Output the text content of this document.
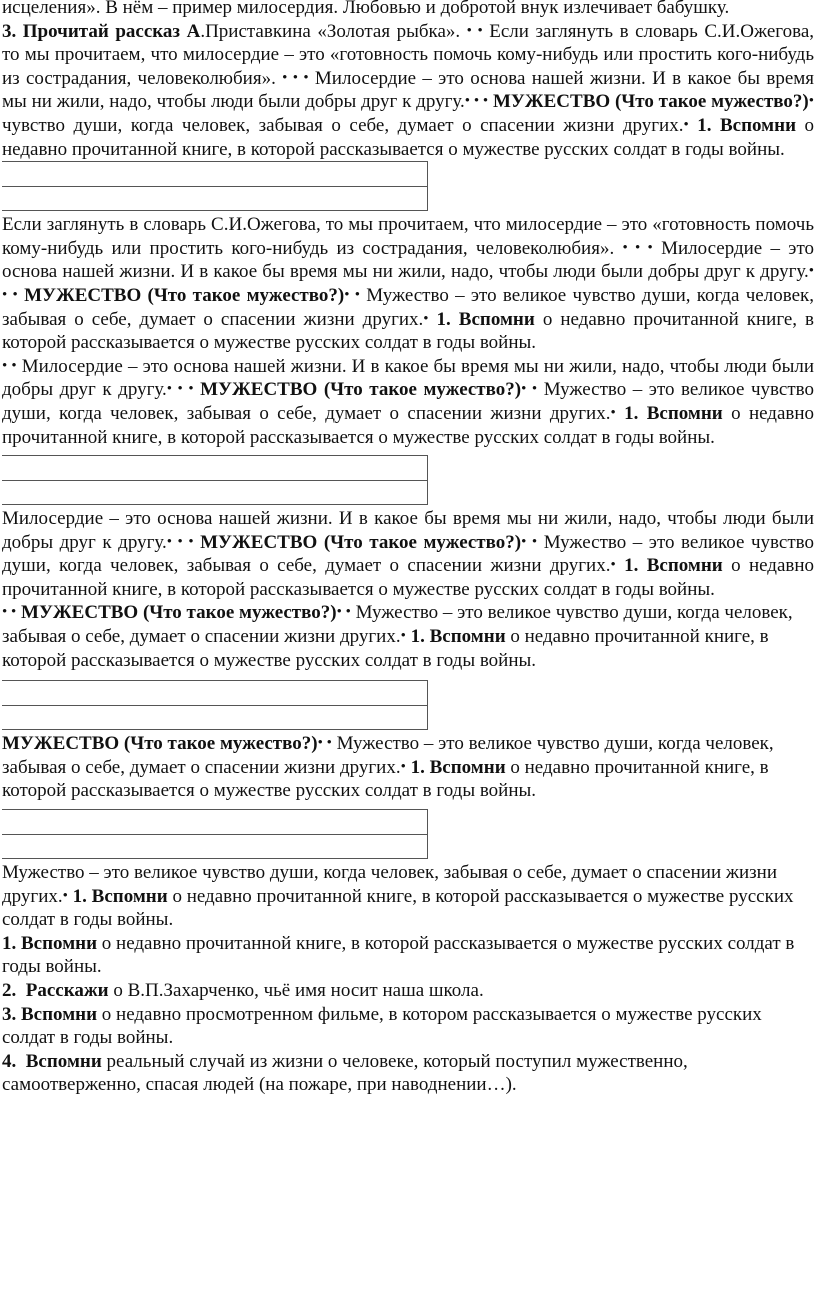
исцеления». В нём – пример милосердия. Любовью и добротой внук излечивает бабушку.
3. Прочитай рассказ А.Приставкина «Золотая рыбка». • • Если заглянуть в словарь С.И.Ожегова, то мы прочитаем, что милосердие – это «готовность помочь кому-нибудь или простить кого-нибудь из сострадания, человеколюбия». • • • Милосердие – это основа нашей жизни. И в какое бы время мы ни жили, надо, чтобы люди были добры друг к другу.• • • МУЖЕСТВО (Что такое мужество?)• чувство души, когда человек, забывая о себе, думает о спасении жизни других.• 1. Вспомни о недавно прочитанной книге, в которой рассказывается о мужестве русских солдат в годы войны.

Если заглянуть в словарь С.И.Ожегова, то мы прочитаем, что милосердие – это «готовность помочь кому-нибудь или простить кого-нибудь из сострадания, человеколюбия». • • • Милосердие – это основа нашей жизни. И в какое бы время мы ни жили, надо, чтобы люди были добры друг к другу.• • • МУЖЕСТВО (Что такое мужество?)• • Мужество – это великое чувство души, когда человек, забывая о себе, думает о спасении жизни других.• 1. Вспомни о недавно прочитанной книге, в которой рассказывается о мужестве русских солдат в годы войны.

• • Милосердие – это основа нашей жизни. И в какое бы время мы ни жили, надо, чтобы люди были добры друг к другу.• • • МУЖЕСТВО (Что такое мужество?)• • Мужество – это великое чувство души, когда человек, забывая о себе, думает о спасении жизни других.• 1. Вспомни о недавно прочитанной книге, в которой рассказывается о мужестве русских солдат в годы войны.

Милосердие – это основа нашей жизни. И в какое бы время мы ни жили, надо, чтобы люди были добры друг к другу.• • • МУЖЕСТВО (Что такое мужество?)• • Мужество – это великое чувство души, когда человек, забывая о себе, думает о спасении жизни других.• 1. Вспомни о недавно прочитанной книге, в которой рассказывается о мужестве русских солдат в годы войны.

• • МУЖЕСТВО (Что такое мужество?)• • Мужество – это великое чувство души, когда человек, забывая о себе, думает о спасении жизни других.• 1. Вспомни о недавно прочитанной книге, в которой рассказывается о мужестве русских солдат в годы войны.

МУЖЕСТВО (Что такое мужество?)• • Мужество – это великое чувство души, когда человек, забывая о себе, думает о спасении жизни других.• 1. Вспомни о недавно прочитанной книге, в которой рассказывается о мужестве русских солдат в годы войны.

Мужество – это великое чувство души, когда человек, забывая о себе, думает о спасении жизни других.• 1. Вспомни о недавно прочитанной книге, в которой рассказывается о мужестве русских солдат в годы войны.

1. Вспомни о недавно прочитанной книге, в которой рассказывается о мужестве русских солдат в годы войны.

2. Расскажи о В.П.Захарченко, чьё имя носит наша школа.

3. Вспомни о недавно просмотренном фильме, в котором рассказывается о мужестве русских солдат в годы войны.

4. Вспомни реальный случай из жизни о человеке, который поступил мужественно, самоотверженно, спасая людей (на пожаре, при наводнении…).
